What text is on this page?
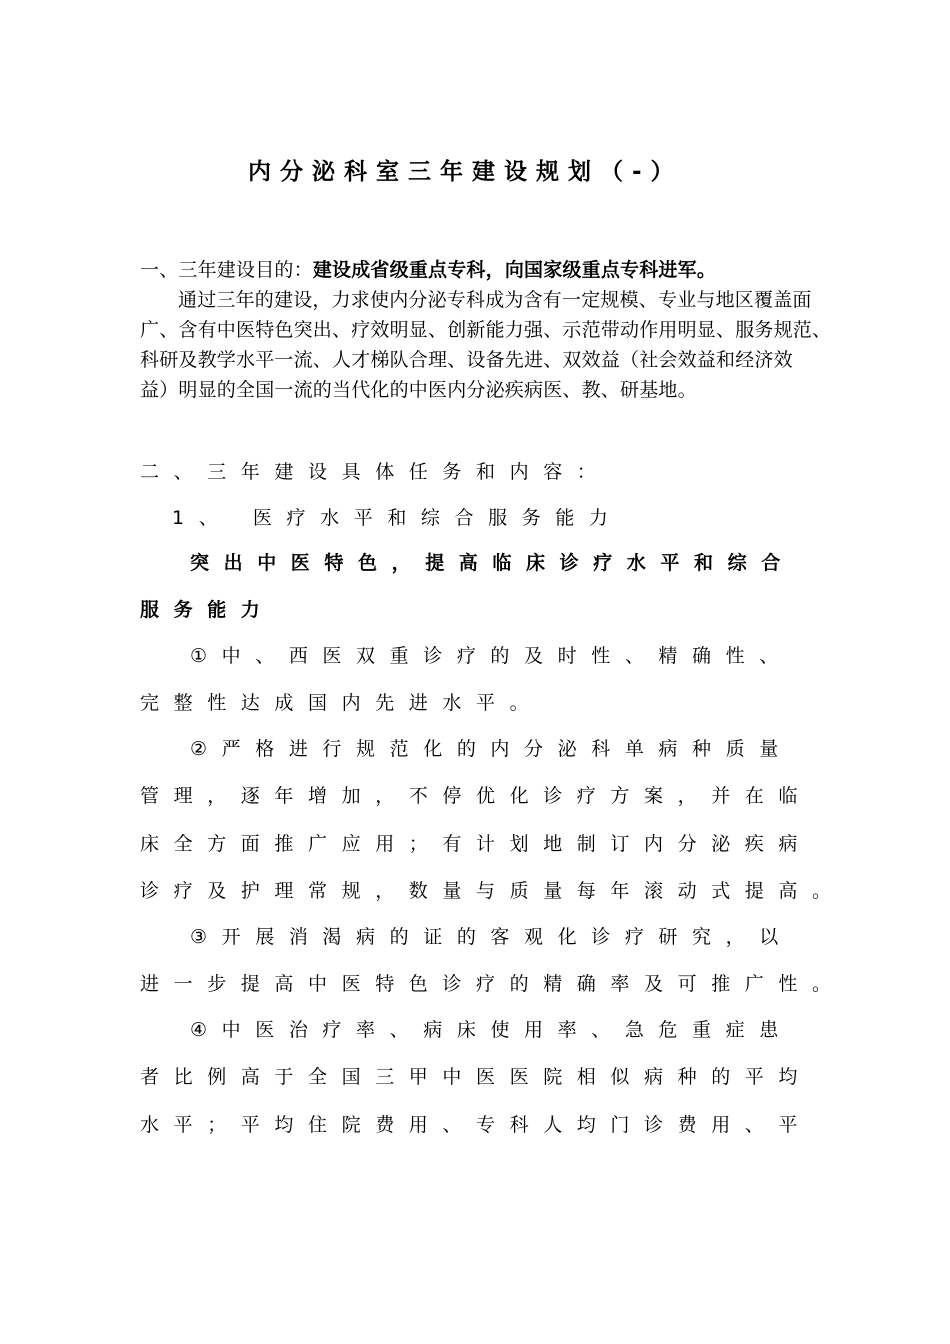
内分泌科室三年建设规划（-）
一、三年建设目的：建设成省级重点专科，向国家级重点专科进军。
通过三年的建设，力求使内分泌专科成为含有一定规模、专业与地区覆盖面
广、含有中医特色突出、疗效明显、创新能力强、示范带动作用明显、服务规范、
科研及教学水平一流、人才梯队合理、设备先进、双效益（社会效益和经济效
益）明显的全国一流的当代化的中医内分泌疾病医、教、研基地。
二、三年建设具体任务和内容：
1、 医疗水平和综合服务能力
突出中医特色，提高临床诊疗水平和综合
服务能力
①中、西医双重诊疗的及时性、精确性、
完整性达成国内先进水平。
②严格进行规范化的内分泌科单病种质量
管理，逐年增加，不停优化诊疗方案，并在临
床全方面推广应用；有计划地制订内分泌疾病
诊疗及护理常规，数量与质量每年滚动式提高。
③开展消渴病的证的客观化诊疗研究，以
进一步提高中医特色诊疗的精确率及可推广性。
④中医治疗率、病床使用率、急危重症患
者比例高于全国三甲中医医院相似病种的平均
水平；平均住院费用、专科人均门诊费用、平
